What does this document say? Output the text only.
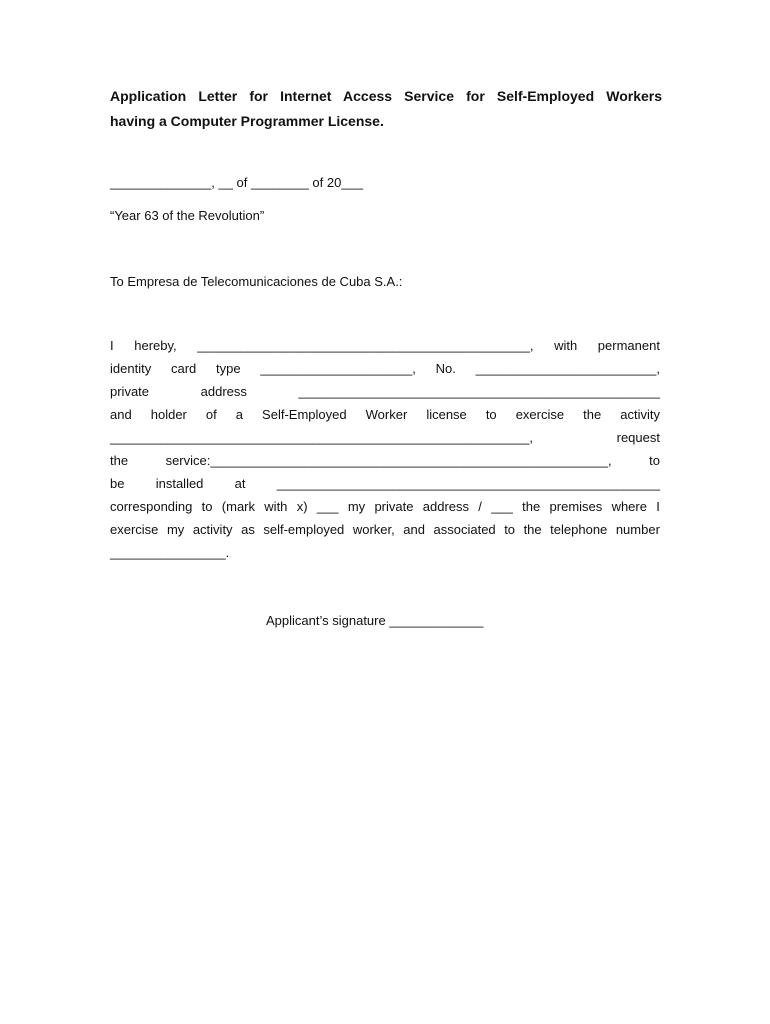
Application Letter for Internet Access Service for Self-Employed Workers
having a Computer Programmer License.
______________, __ of ________ of 20___
“Year 63 of the Revolution”
To Empresa de Telecomunicaciones de Cuba S.A.:
I hereby, ______________________________________________, with permanent
identity card type _____________________, No. _________________________,
private	address	__________________________________________________
and holder of a Self-Employed Worker license to exercise the activity
__________________________________________________________,	request
the	service:_______________________________________________________,	to
be installed at _____________________________________________________
corresponding to (mark with x) ___ my private address / ___ the premises where I
exercise my activity as self-employed worker, and associated to the telephone number
________________.
Applicant’s signature _____________
